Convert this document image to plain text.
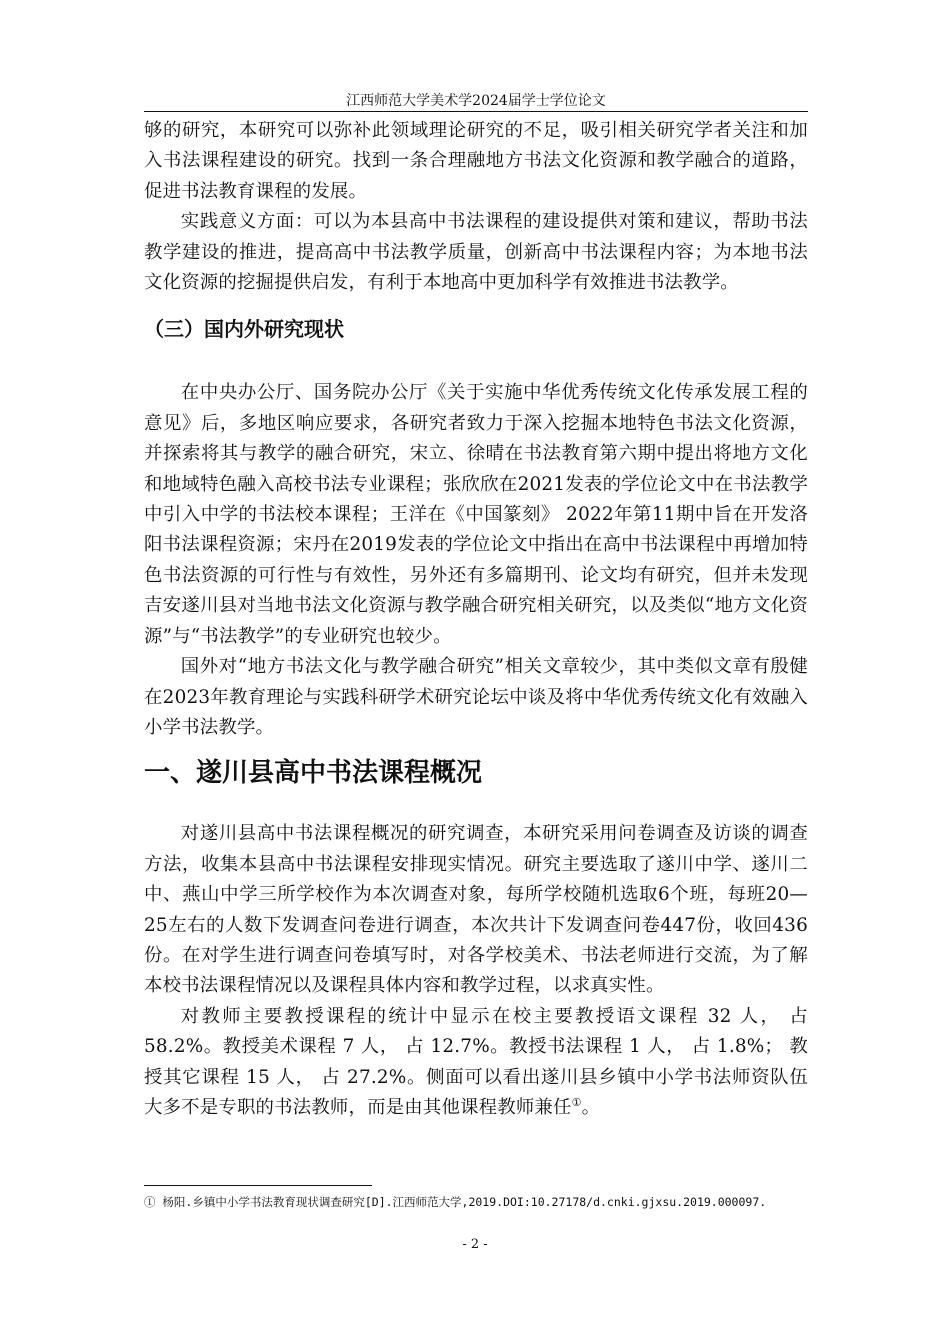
江西师范大学美术学2024届学士学位论文

够的研究，本研究可以弥补此领域理论研究的不足，吸引相关研究学者关注和加入书法课程建设的研究。找到一条合理融地方书法文化资源和教学融合的道路，促进书法教育课程的发展。

实践意义方面：可以为本县高中书法课程的建设提供对策和建议，帮助书法教学建设的推进，提高高中书法教学质量，创新高中书法课程内容；为本地书法文化资源的挖掘提供启发，有利于本地高中更加科学有效推进书法教学。

（三）国内外研究现状

在中央办公厅、国务院办公厅《关于实施中华优秀传统文化传承发展工程的意见》后，多地区响应要求，各研究者致力于深入挖掘本地特色书法文化资源，并探索将其与教学的融合研究，宋立、徐晴在书法教育第六期中提出将地方文化和地域特色融入高校书法专业课程；张欣欣在2021发表的学位论文中在书法教学中引入中学的书法校本课程；王洋在《中国篆刻》 2022年第11期中旨在开发洛阳书法课程资源；宋丹在2019发表的学位论文中指出在高中书法课程中再增加特色书法资源的可行性与有效性，另外还有多篇期刊、论文均有研究，但并未发现吉安遂川县对当地书法文化资源与教学融合研究相关研究，以及类似“地方文化资源”与“书法教学”的专业研究也较少。

国外对“地方书法文化与教学融合研究”相关文章较少，其中类似文章有殷健在2023年教育理论与实践科研学术研究论坛中谈及将中华优秀传统文化有效融入小学书法教学。

一、遂川县高中书法课程概况

对遂川县高中书法课程概况的研究调查，本研究采用问卷调查及访谈的调查方法，收集本县高中书法课程安排现实情况。研究主要选取了遂川中学、遂川二中、燕山中学三所学校作为本次调查对象，每所学校随机选取6个班，每班20—25左右的人数下发调查问卷进行调查，本次共计下发调查问卷447份，收回436份。在对学生进行调查问卷填写时，对各学校美术、书法老师进行交流，为了解本校书法课程情况以及课程具体内容和教学过程，以求真实性。

对教师主要教授课程的统计中显示在校主要教授语文课程 32 人， 占58.2%。教授美术课程 7 人， 占 12.7%。教授书法课程 1 人， 占 1.8%； 教授其它课程 15 人， 占 27.2%。侧面可以看出遂川县乡镇中小学书法师资队伍大多不是专职的书法教师，而是由其他课程教师兼任①。

① 杨阳.乡镇中小学书法教育现状调查研究[D].江西师范大学,2019.DOI:10.27178/d.cnki.gjxsu.2019.000097.
- 2 -
